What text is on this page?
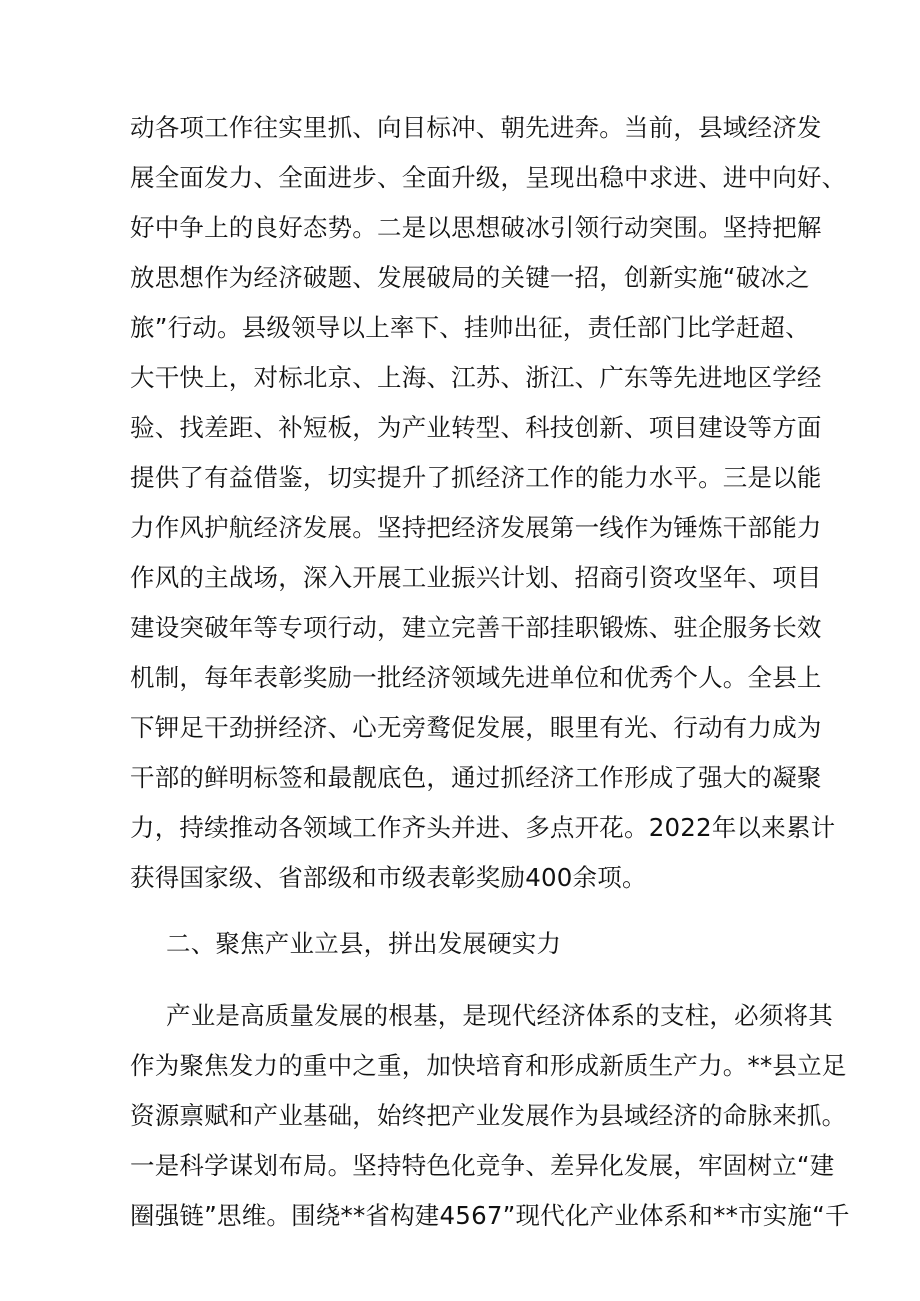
动各项工作往实里抓、向目标冲、朝先进奔。当前，县域经济发
展全面发力、全面进步、全面升级，呈现出稳中求进、进中向好、
好中争上的良好态势。二是以思想破冰引领行动突围。坚持把解
放思想作为经济破题、发展破局的关键一招，创新实施“破冰之
旅”行动。县级领导以上率下、挂帅出征，责任部门比学赶超、
大干快上，对标北京、上海、江苏、浙江、广东等先进地区学经
验、找差距、补短板，为产业转型、科技创新、项目建设等方面
提供了有益借鉴，切实提升了抓经济工作的能力水平。三是以能
力作风护航经济发展。坚持把经济发展第一线作为锤炼干部能力
作风的主战场，深入开展工业振兴计划、招商引资攻坚年、项目
建设突破年等专项行动，建立完善干部挂职锻炼、驻企服务长效
机制，每年表彰奖励一批经济领域先进单位和优秀个人。全县上
下钾足干劲拼经济、心无旁鹜促发展，眼里有光、行动有力成为
干部的鲜明标签和最靓底色，通过抓经济工作形成了强大的凝聚
力，持续推动各领域工作齐头并进、多点开花。2022年以来累计
获得国家级、省部级和市级表彰奖励400余项。
二、聚焦产业立县，拼出发展硬实力
产业是高质量发展的根基，是现代经济体系的支柱，必须将其
作为聚焦发力的重中之重，加快培育和形成新质生产力。**县立足
资源禀赋和产业基础，始终把产业发展作为县域经济的命脉来抓。
一是科学谋划布局。坚持特色化竞争、差异化发展，牢固树立“建
圈强链”思维。围绕**省构建4567”现代化产业体系和**市实施“千
